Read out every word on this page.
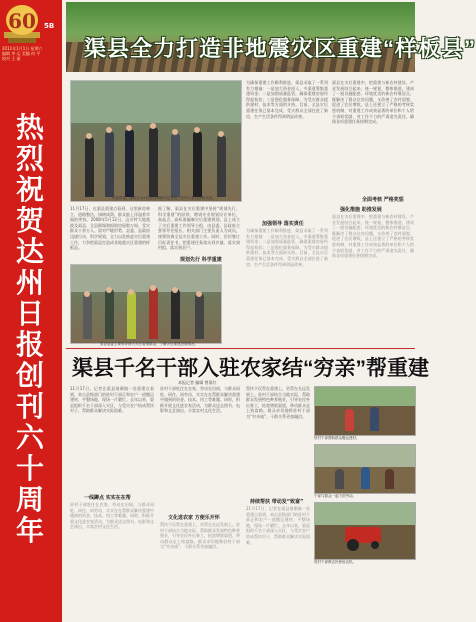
60 5B
2011年1月1日 星期六
编辑 李 运 美编 何 平
校对 王 丽
热烈祝贺达州日报创刊六十周年
渠县全力打造非地震灾区重建“样板县”
通讯员 冉明志 记者 熊英 曾菊红
市委常委、副市长××在渠县调研灾后重建工作时与群众亲切交谈。
11月17日，在渠县重建点看到，这里新房林立，道路整洁，绿树成荫，群众脸上洋溢着幸福的笑容。2008年5月12日，汶川特大地震波及渠县，全县倒塌和损毁房屋数万间，受灾群众十余万人。面对严峻形势，县委、县政府迅速行动，科学规划，全力以赴推进灾后重建工作，力争把渠县打造成非地震灾区重建的样板县。
据了解，渠县在灾后重建中坚持“规划先行、科学重建”的原则，聘请专业规划设计单位，高起点、高标准编制灾后重建规划。县上成立了灾后重建工作领导小组，由县委、县政府主要领导任组长，相关部门主要负责人为成员，统筹协调全县灾后重建工作。同时，层层签订目标责任书，把重建任务落实到乡镇、落实到村组、落实到农户。
规划先行 科学重建
渠县县委主要领导深入灾区看望群众，了解灾后重建进展情况。
为确保重建工作顺利推进，渠县采取了一系列有力措施：一是加大资金投入，多渠道筹集重建资金；二是加强质量监管，确保重建房屋经得起检验；三是强化服务保障，为受灾群众提供建材、技术等方面的支持。目前，全县灾后重建任务已基本完成，受灾群众全部住进了新房，生产生活条件得到明显改善。
渠县在灾后重建中，把重建与新农村建设、产业发展结合起来，统一规划，整体推进。建成了一批设施配套、环境优美的新农村聚居点，既解决了群众住房问题，又改善了农村面貌，促进了农民增收。县上还建立了严格的考核奖惩机制，对重建工作成效显著的单位和个人给予表彰奖励，对工作不力的严肃追究责任，确保各项重建任务按期完成。
全面考核 严格奖惩
加强领导 落实责任
为确保重建工作顺利推进，渠县采取了一系列有力措施：一是加大资金投入，多渠道筹集重建资金；二是加强质量监管，确保重建房屋经得起检验；三是强化服务保障，为受灾群众提供建材、技术等方面的支持。目前，全县灾后重建任务已基本完成，受灾群众全部住进了新房，生产生活条件得到明显改善。
强化措施 助推发展
渠县在灾后重建中，把重建与新农村建设、产业发展结合起来，统一规划，整体推进。建成了一批设施配套、环境优美的新农村聚居点，既解决了群众住房问题，又改善了农村面貌，促进了农民增收。县上还建立了严格的考核奖惩机制，对重建工作成效显著的单位和个人给予表彰奖励，对工作不力的严肃追究责任，确保各项重建任务按期完成。
渠县千名干部入驻农家结“穷亲”帮重建
本报记者 编辑 曾菊红
11月17日，记者在渠县琅琊镇一处重建点看到，来自县级部门的驻村干部正和农户一道搬运建材、平整场地，现场一片繁忙。去年以来，渠县组织千名干部深入灾区，与受灾农户结成帮扶对子，帮助群众解决实际困难。
一线蹲点 实实在在帮
驻村干部吃住在农家、劳动在田间，与群众同吃、同住、同劳动，实实在在帮群众解决重建中遇到的资金、技术、用工等难题。同时，积极开展文化进农家活动，为群众送去图书、电影和文艺演出，丰富农村文化生活。
驻村干部吃住在农家、劳动在田间，与群众同吃、同住、同劳动，实实在在帮群众解决重建中遇到的资金、技术、用工等难题。同时，积极开展文化进农家活动，为群众送去图书、电影和文艺演出，丰富农村文化生活。
文化进农家 方便乐开怀
帮扶不仅帮在重建上，更帮在长远发展上。驻村干部结合当地实际，帮助群众发展特色种养殖业，引导农民外出务工，拓宽增收渠道，带动群众走上致富路。群众亲切地称驻村干部为“穷亲戚”，干群关系更加融洽。
帮扶不仅帮在重建上，更帮在长远发展上。驻村干部结合当地实际，帮助群众发展特色种养殖业，引导农民外出务工，拓宽增收渠道，带动群众走上致富路。群众亲切地称驻村干部为“穷亲戚”，干群关系更加融洽。
持续帮扶 带动发“致富”
11月17日，记者在渠县琅琊镇一处重建点看到，来自县级部门的驻村干部正和农户一道搬运建材、平整场地，现场一片繁忙。去年以来，渠县组织千名干部深入灾区，与受灾农户结成帮扶对子，帮助群众解决实际困难。
驻村干部帮助群众搬运建材。
干部与群众一起下田劳动。
驻村干部教农民使用农机。
